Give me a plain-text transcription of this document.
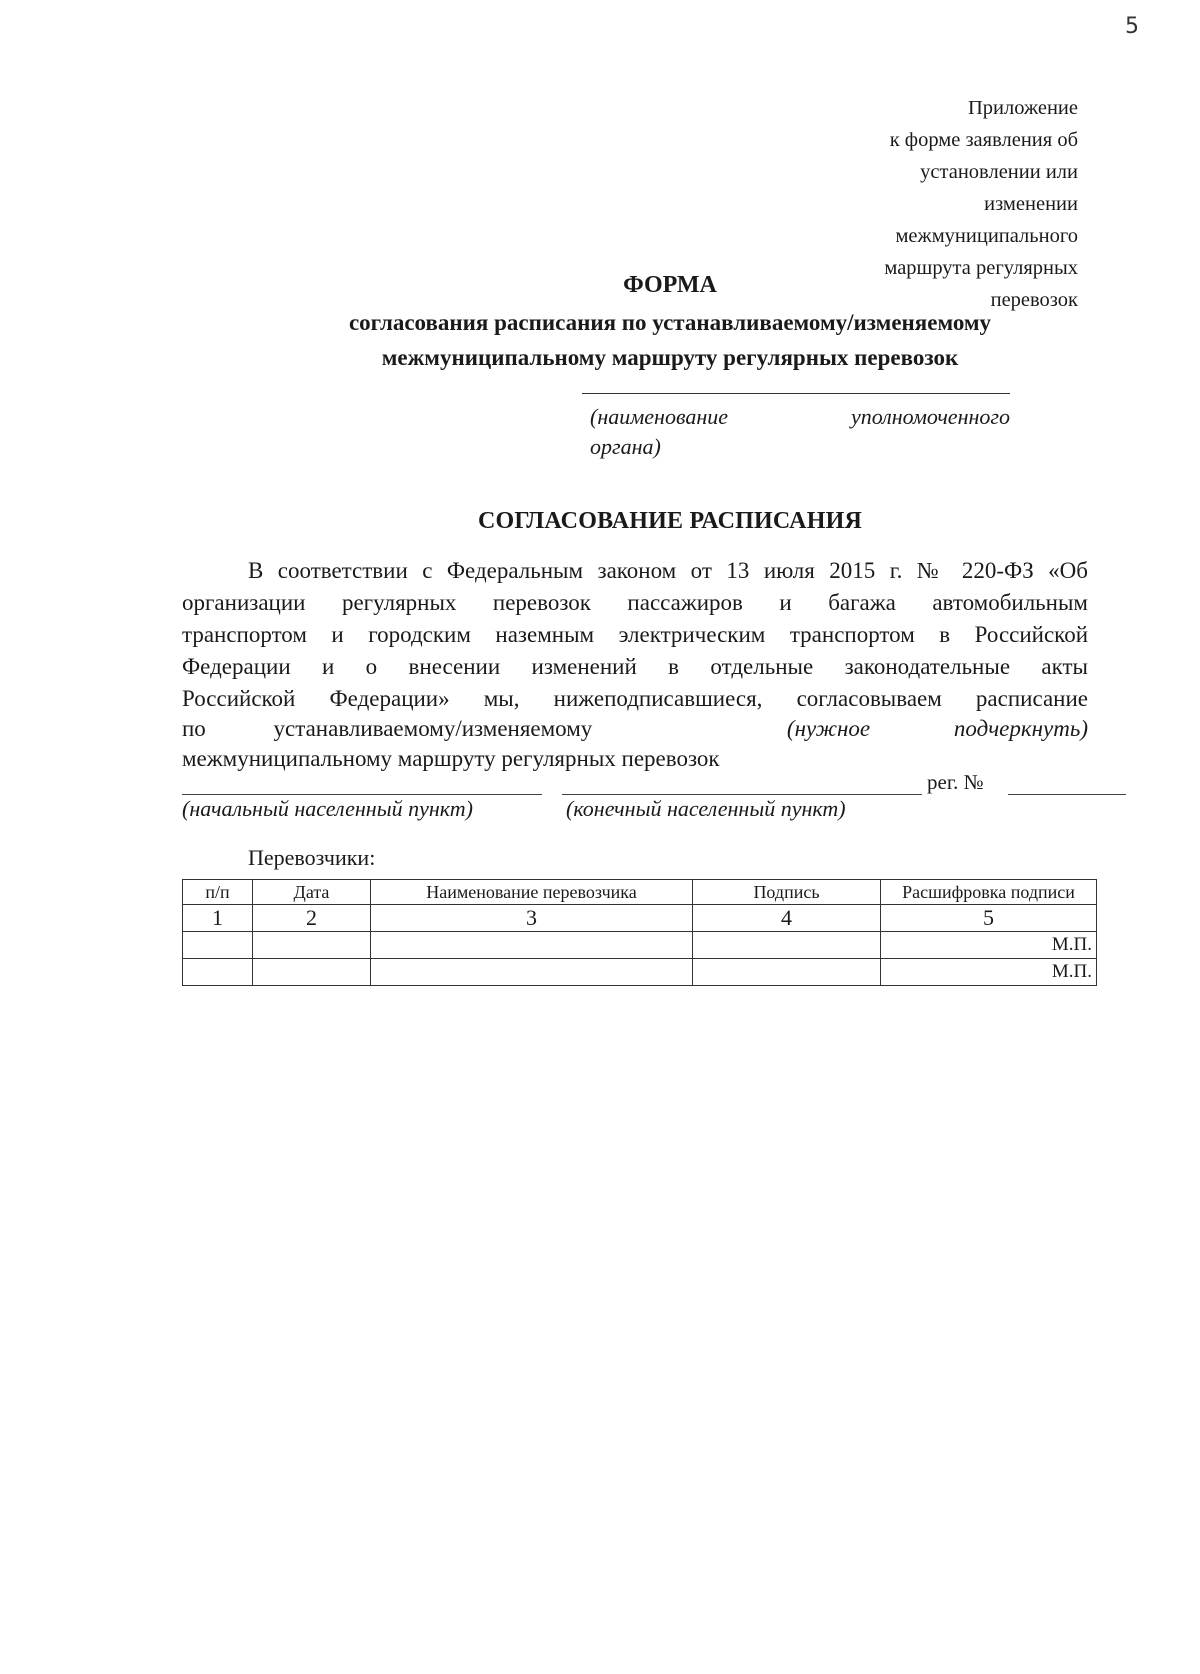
5
Приложение
к форме заявления об
установлении или
изменении
межмуниципального
маршрута регулярных
перевозок
ФОРМА
согласования расписания по устанавливаемому/изменяемому
межмуниципальному маршруту регулярных перевозок
(наименование уполномоченного
органа)
СОГЛАСОВАНИЕ РАСПИСАНИЯ
В соответствии с Федеральным законом от 13 июля 2015 г. № 220-ФЗ «Об
организации регулярных перевозок пассажиров и багажа автомобильным
транспортом и городским наземным электрическим транспортом в Российской
Федерации и о внесении изменений в отдельные законодательные акты
Российской Федерации» мы, нижеподписавшиеся, согласовываем расписание
по устанавливаемому/изменяемому	(нужное подчеркнуть)
межмуниципальному маршруту регулярных перевозок
рег. №
(начальный населенный пункт)	(конечный населенный пункт)
Перевозчики:
п/п	Дата	Наименование перевозчика	Подпись	Расшифровка подписи
1	2	3	4	5
				М.П.
				М.П.
